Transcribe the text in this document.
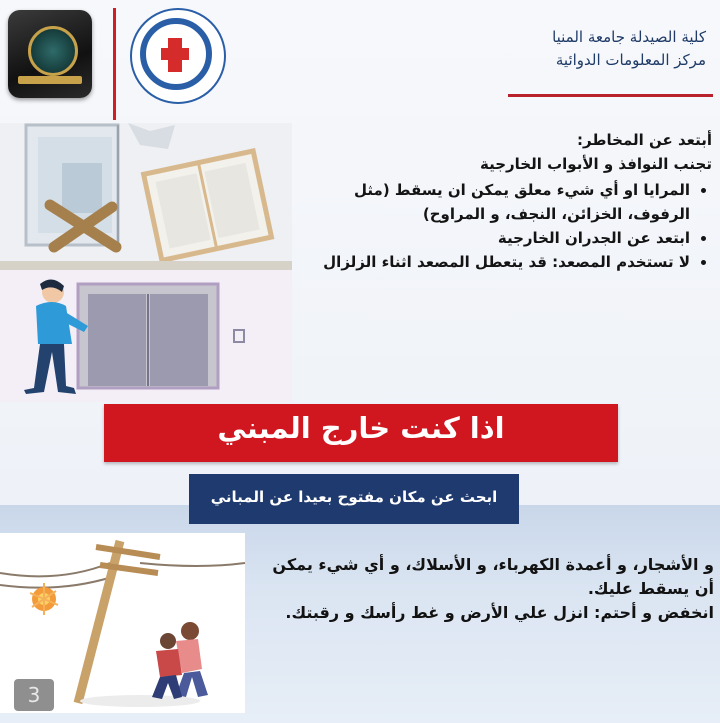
كلية الصيدلة جامعة المنيا
مركز المعلومات الدوائية
أبتعد عن المخاطر:
تجنب النوافذ و الأبواب الخارجية
• المرايا او أي شيء معلق يمكن ان يسقط (مثل الرفوف، الخزائن، النجف، و المراوح)
• ابتعد عن الجدران الخارجية
• لا تستخدم المصعد: قد يتعطل المصعد اثناء الزلزال
اذا كنت خارج المبني
ابحث عن مكان مفتوح بعيدا عن المباني

و الأشجار، و أعمدة الكهرباء، و الأسلاك، و أي شيء يمكن أن يسقط عليك.

انخفض و أحتم: انزل علي الأرض و غط رأسك و رقبتك.

3
